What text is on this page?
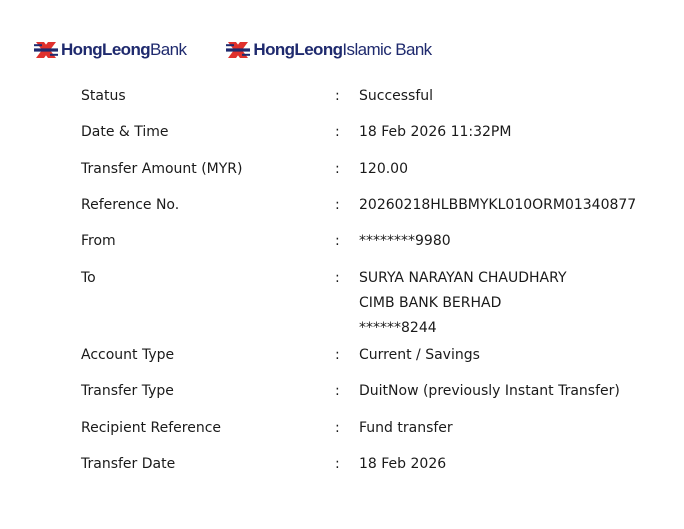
HongLeongBank	HongLeongIslamic Bank
Status	:	Successful
Date & Time	:	18 Feb 2026 11:32PM
Transfer Amount (MYR)	:	120.00
Reference No.	:	20260218HLBBMYKL010ORM01340877
From	:	********9980
To	:	SURYA NARAYAN CHAUDHARY
CIMB BANK BERHAD
******8244
Account Type	:	Current / Savings
Transfer Type	:	DuitNow (previously Instant Transfer)
Recipient Reference	:	Fund transfer
Transfer Date	:	18 Feb 2026
